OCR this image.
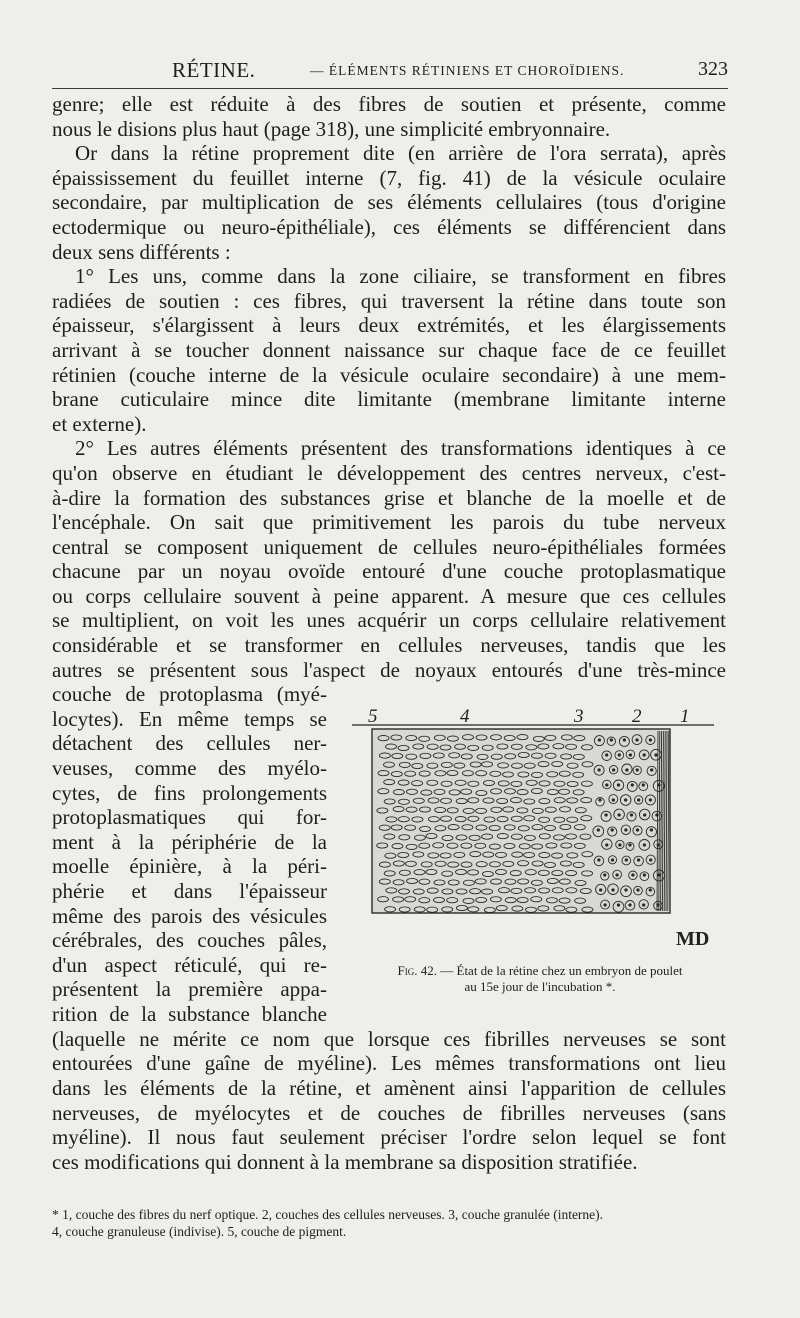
RÉTINE.	— ÉLÉMENTS RÉTINIENS ET CHOROÏDIENS.	323

genre; elle est réduite à des fibres de soutien et présente, comme

nous le disions plus haut (page 318), une simplicité embryonnaire.

Or dans la rétine proprement dite (en arrière de l'ora serrata), après

épaississement du feuillet interne (7, fig. 41) de la vésicule oculaire

secondaire, par multiplication de ses éléments cellulaires (tous d'origine

ectodermique ou neuro-épithéliale), ces éléments se différencient dans

deux sens différents :

1° Les uns, comme dans la zone ciliaire, se transforment en fibres

radiées de soutien : ces fibres, qui traversent la rétine dans toute son

épaisseur, s'élargissent à leurs deux extrémités, et les élargissements

arrivant à se toucher donnent naissance sur chaque face de ce feuillet

rétinien (couche interne de la vésicule oculaire secondaire) à une mem-

brane cuticulaire mince dite limitante (membrane limitante interne

et externe).

2° Les autres éléments présentent des transformations identiques à ce

qu'on observe en étudiant le développement des centres nerveux, c'est-

à-dire la formation des substances grise et blanche de la moelle et de

l'encéphale. On sait que primitivement les parois du tube nerveux

central se composent uniquement de cellules neuro-épithéliales formées

chacune par un noyau ovoïde entouré d'une couche protoplasmatique

ou corps cellulaire souvent à peine apparent. A mesure que ces cellules

se multiplient, on voit les unes acquérir un corps cellulaire relativement

considérable et se transformer en cellules nerveuses, tandis que les

autres se présentent sous l'aspect de noyaux entourés d'une très-mince

couche de protoplasma (myé-

locytes). En même temps se

détachent des cellules ner-

veuses, comme des myélo-

cytes, de fins prolongements

protoplasmatiques qui for-

ment à la périphérie de la

moelle épinière, à la péri-

phérie et dans l'épaisseur

même des parois des vésicules

cérébrales, des couches pâles,

d'un aspect réticulé, qui re-

présentent la première appa-

rition de la substance blanche

5	4	3	2 1
MD
Fig. 42. — État de la rétine chez un embryon de poulet
au 15e jour de l'incubation *.

(laquelle ne mérite ce nom que lorsque ces fibrilles nerveuses se sont

entourées d'une gaîne de myéline). Les mêmes transformations ont lieu

dans les éléments de la rétine, et amènent ainsi l'apparition de cellules

nerveuses, de myélocytes et de couches de fibrilles nerveuses (sans

myéline). Il nous faut seulement préciser l'ordre selon lequel se font

ces modifications qui donnent à la membrane sa disposition stratifiée.

* 1, couche des fibres du nerf optique. 2, couches des cellules nerveuses. 3, couche granulée (interne).

4, couche granuleuse (indivise). 5, couche de pigment.
